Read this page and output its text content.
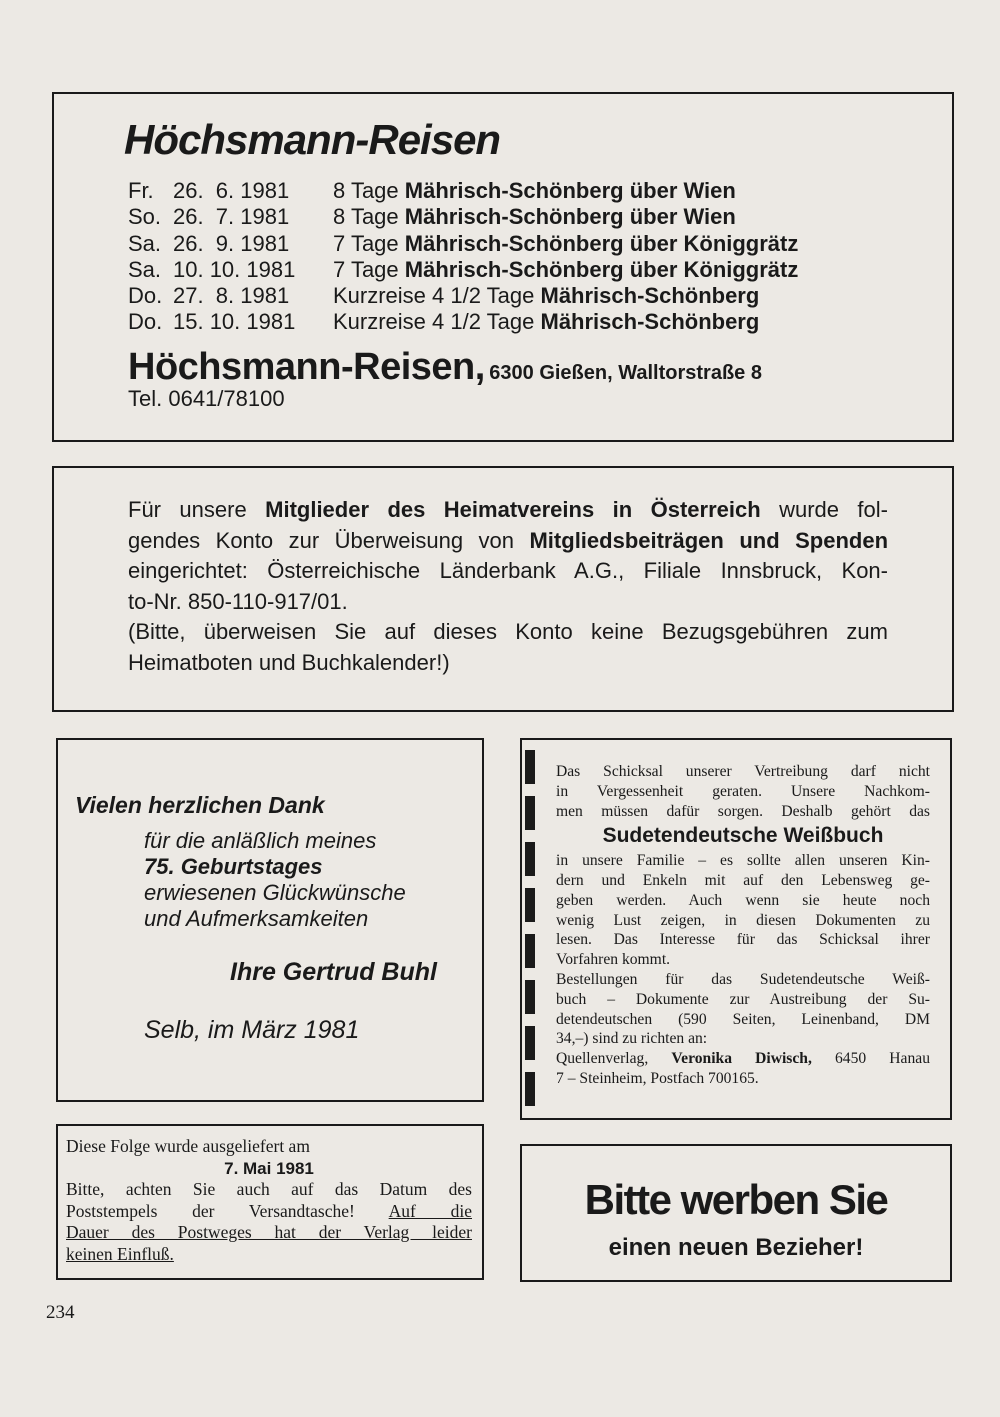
Höchsmann-Reisen
Fr. 26.  6. 1981	8 Tage Mährisch-Schönberg über Wien
So. 26.  7. 1981	8 Tage Mährisch-Schönberg über Wien
Sa. 26.  9. 1981	7 Tage Mährisch-Schönberg über Königgrätz
Sa. 10. 10. 1981	7 Tage Mährisch-Schönberg über Königgrätz
Do. 27.  8. 1981	Kurzreise 4 1/2 Tage Mährisch-Schönberg
Do. 15. 10. 1981	Kurzreise 4 1/2 Tage Mährisch-Schönberg
Höchsmann-Reisen, 6300 Gießen, Walltorstraße 8
Tel. 0641/78100
Für unsere Mitglieder des Heimatvereins in Österreich wurde fol-
gendes Konto zur Überweisung von Mitgliedsbeiträgen und Spenden
eingerichtet: Österreichische Länderbank A.G., Filiale Innsbruck, Kon-
to-Nr. 850-110-917/01.
(Bitte, überweisen Sie auf dieses Konto keine Bezugsgebühren zum
Heimatboten und Buchkalender!)
Vielen herzlichen Dank
für die anläßlich meines
75. Geburtstages
erwiesenen Glückwünsche
und Aufmerksamkeiten
Ihre Gertrud Buhl
Selb, im März 1981
Das Schicksal unserer Vertreibung darf nicht
in Vergessenheit geraten. Unsere Nachkom-
men müssen dafür sorgen. Deshalb gehört das
Sudetendeutsche Weißbuch
in unsere Familie – es sollte allen unseren Kin-
dern und Enkeln mit auf den Lebensweg ge-
geben werden. Auch wenn sie heute noch
wenig Lust zeigen, in diesen Dokumenten zu
lesen. Das Interesse für das Schicksal ihrer
Vorfahren kommt.
Bestellungen für das Sudetendeutsche Weiß-
buch – Dokumente zur Austreibung der Su-
detendeutschen (590 Seiten, Leinenband, DM
34,–) sind zu richten an:
Quellenverlag, Veronika Diwisch, 6450 Hanau
7 – Steinheim, Postfach 700165.
Diese Folge wurde ausgeliefert am
7. Mai 1981
Bitte, achten Sie auch auf das Datum des
Poststempels der Versandtasche! Auf die
Dauer des Postweges hat der Verlag leider
keinen Einfluß.
Bitte werben Sie
einen neuen Bezieher!
234
